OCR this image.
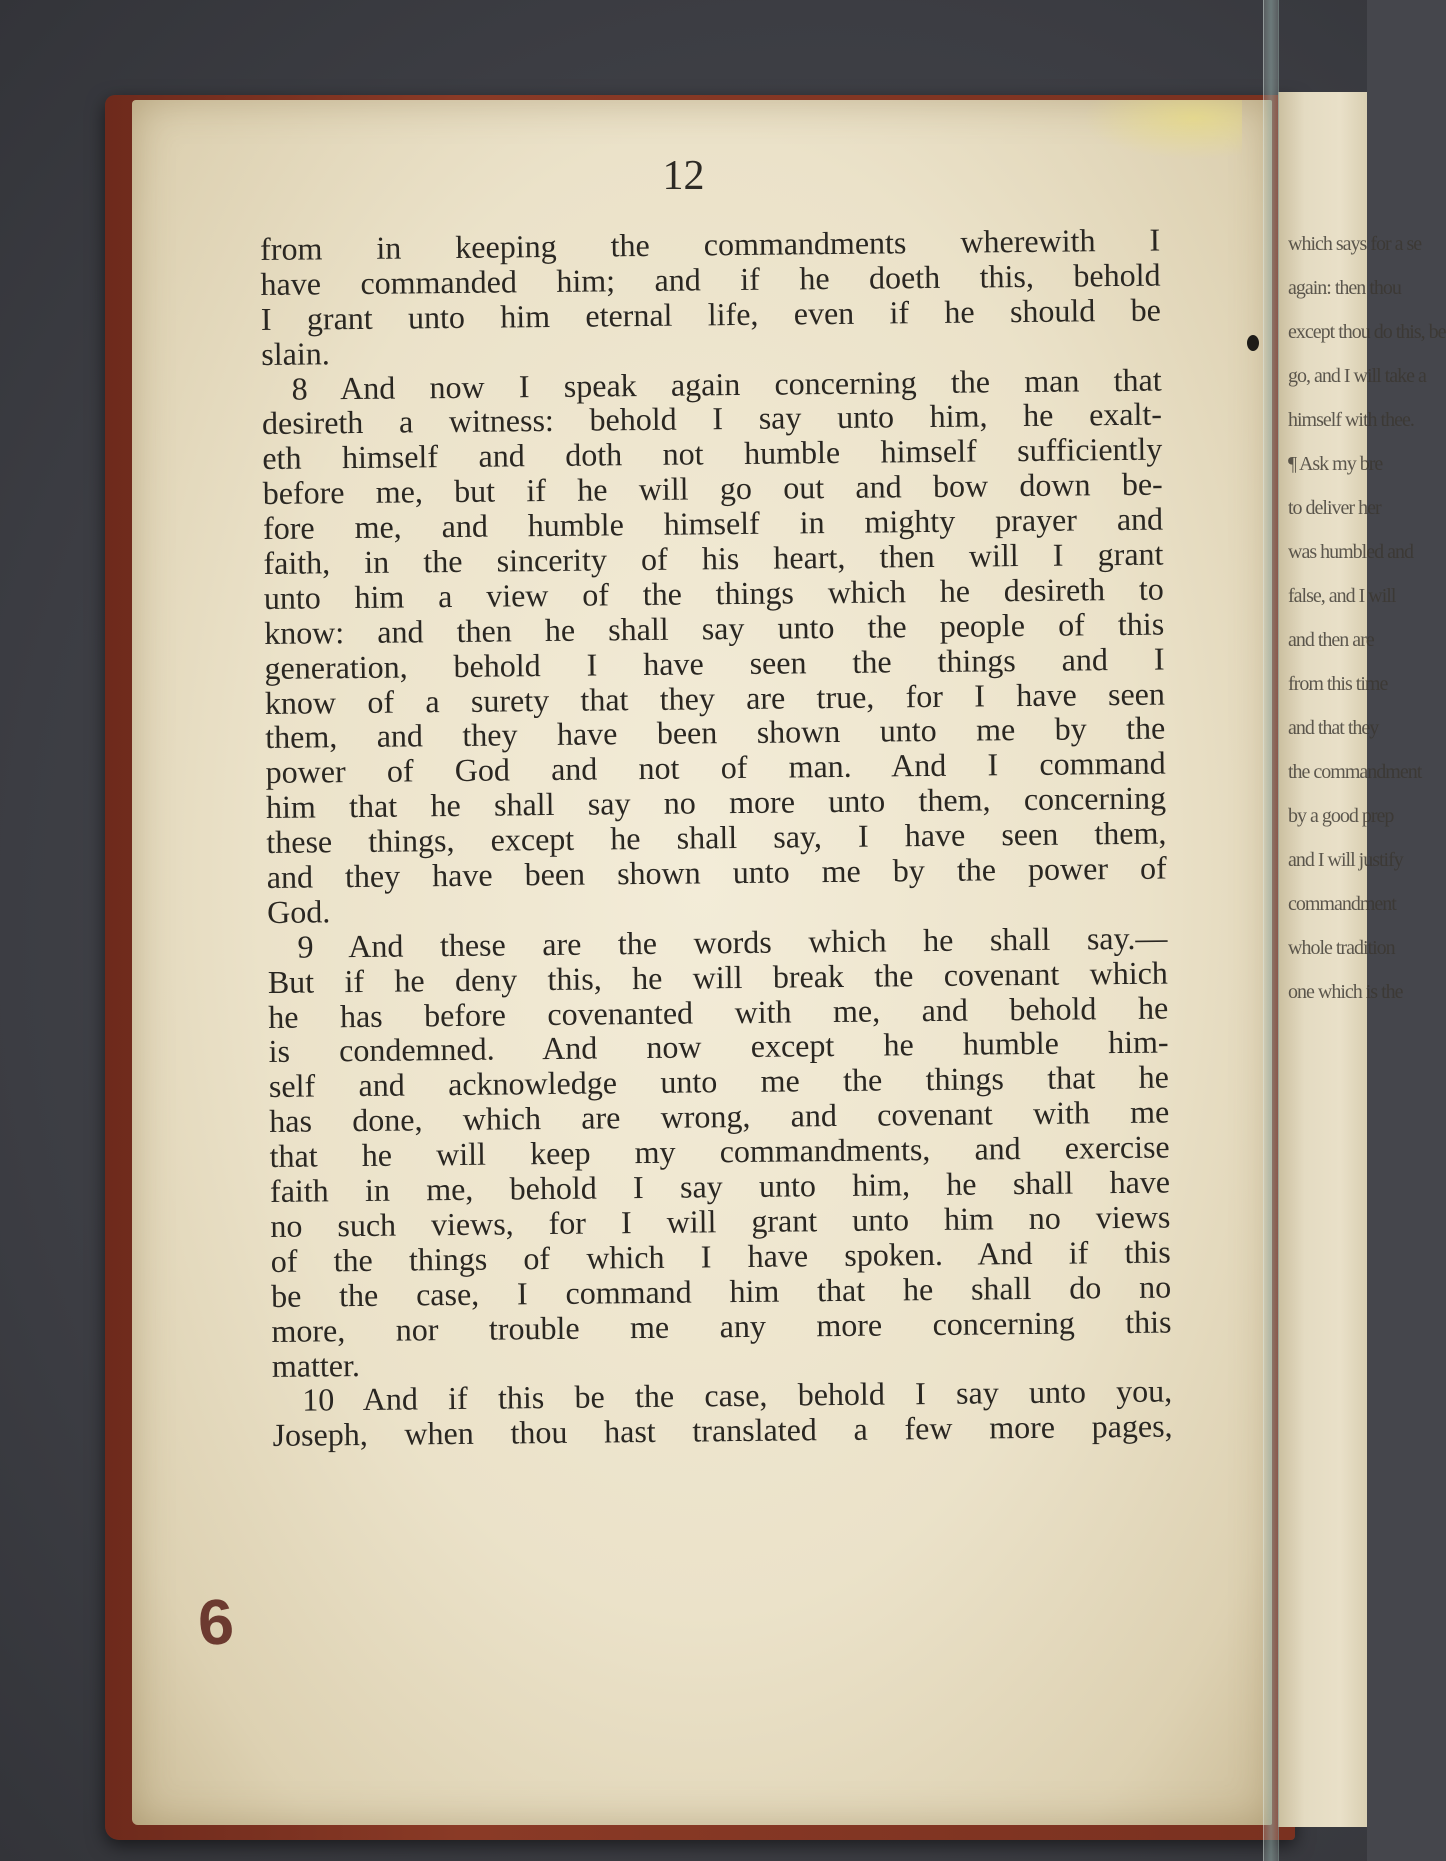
12
from in keeping the commandments wherewith I
have commanded him; and if he doeth this, behold
I grant unto him eternal life, even if he should be
slain.
8 And now I speak again concerning the man that
desireth a witness: behold I say unto him, he exalt-
eth himself and doth not humble himself sufficiently
before me, but if he will go out and bow down be-
fore me, and humble himself in mighty prayer and
faith, in the sincerity of his heart, then will I grant
unto him a view of the things which he desireth to
know: and then he shall say unto the people of this
generation, behold I have seen the things and I
know of a surety that they are true, for I have seen
them, and they have been shown unto me by the
power of God and not of man. And I command
him that he shall say no more unto them, concerning
these things, except he shall say, I have seen them,
and they have been shown unto me by the power of
God.
9 And these are the words which he shall say.—
But if he deny this, he will break the covenant which
he has before covenanted with me, and behold he
is condemned. And now except he humble him-
self and acknowledge unto me the things that he
has done, which are wrong, and covenant with me
that he will keep my commandments, and exercise
faith in me, behold I say unto him, he shall have
no such views, for I will grant unto him no views
of the things of which I have spoken. And if this
be the case, I command him that he shall do no
more, nor trouble me any more concerning this
matter.
10 And if this be the case, behold I say unto you,
Joseph, when thou hast translated a few more pages,
6
which says for a se
again: then thou
except thou do this, be
go, and I will take a
himself with thee.
¶ Ask my bre
to deliver her
was humbled and
false, and I will
and then are
from this time
and that they
the commandment
by a good prep
and I will justify
commandment
whole tradition
one which is the
